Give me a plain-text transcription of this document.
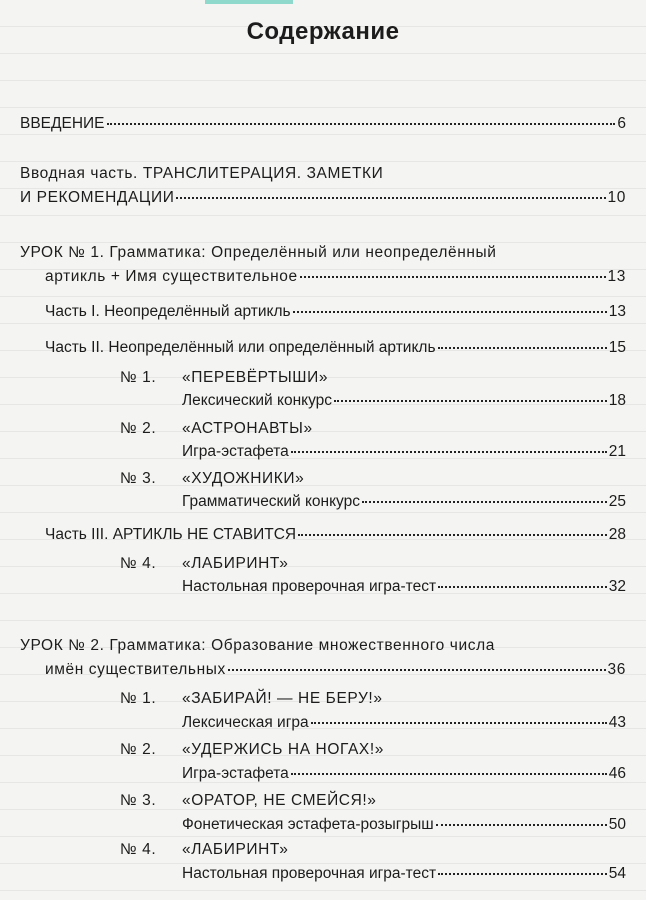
Содержание
ВВЕДЕНИЕ	6
Вводная часть. ТРАНСЛИТЕРАЦИЯ. ЗАМЕТКИ
И РЕКОМЕНДАЦИИ	10
УРОК № 1. Грамматика: Определённый или неопределённый
артикль + Имя существительное	13
Часть I. Неопределённый артикль	13
Часть II. Неопределённый или определённый артикль	15
№ 1. «ПЕРЕВЁРТЫШИ»
Лексический конкурс	18
№ 2. «АСТРОНАВТЫ»
Игра-эстафета	21
№ 3. «ХУДОЖНИКИ»
Грамматический конкурс	25
Часть III. АРТИКЛЬ НЕ СТАВИТСЯ	28
№ 4. «ЛАБИРИНТ»
Настольная проверочная игра-тест	32
УРОК № 2. Грамматика: Образование множественного числа
имён существительных	36
№ 1. «ЗАБИРАЙ! — НЕ БЕРУ!»
Лексическая игра	43
№ 2. «УДЕРЖИСЬ НА НОГАХ!»
Игра-эстафета	46
№ 3. «ОРАТОР, НЕ СМЕЙСЯ!»
Фонетическая эстафета-розыгрыш	50
№ 4. «ЛАБИРИНТ»
Настольная проверочная игра-тест	54
